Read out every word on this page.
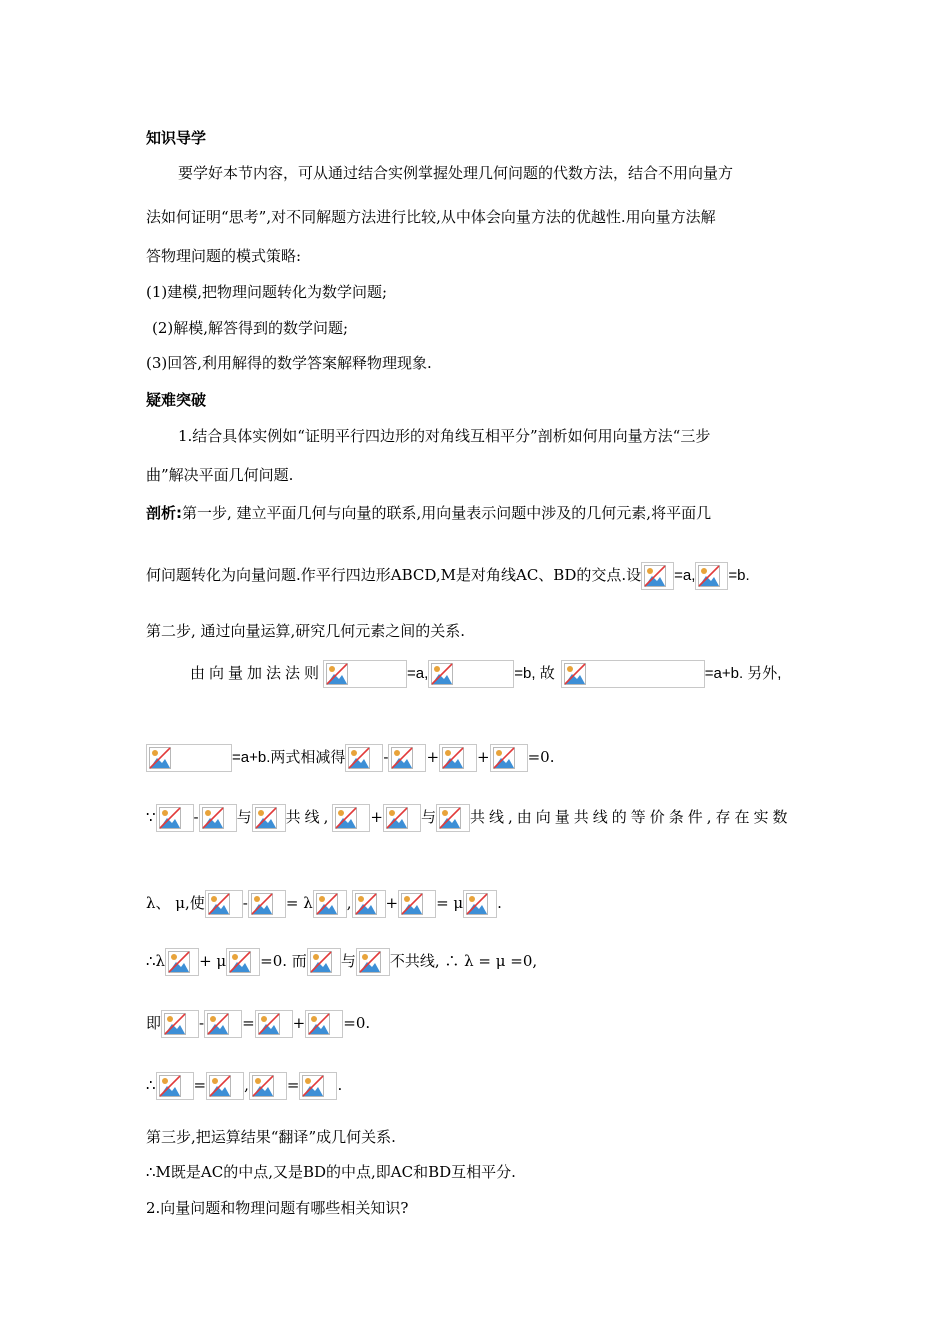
知识导学
要学好本节内容，可从通过结合实例掌握处理几何问题的代数方法，结合不用向量方
法如何证明“思考”,对不同解题方法进行比较,从中体会向量方法的优越性.用向量方法解
答物理问题的模式策略:
(1)建模,把物理问题转化为数学问题;
(2)解模,解答得到的数学问题;
(3)回答,利用解得的数学答案解释物理现象.
疑难突破
1.结合具体实例如“证明平行四边形的对角线互相平分”剖析如何用向量方法“三步
曲”解决平面几何问题.
剖析:第一步, 建立平面几何与向量的联系,用向量表示问题中涉及的几何元素,将平面几
何问题转化为向量问题.作平行四边形ABCD,M是对角线AC、BD的交点.设 =a, =b.
第二步, 通过向量运算,研究几何元素之间的关系.
由向量加法法则	=a,	=b, 故	=a+b. 另外,
=a+b.两式相减得	-	+	+	=0.
∵	-	与 共线,	+	与 共线,由向量共线的等价条件,存在实数
λ、 μ,使	-	= λ , +	= μ .
∴λ + μ =0. 而 与 不共线, ∴ λ = μ =0,
即	-	=	+	=0.
∴	=	,	=	.
第三步,把运算结果“翻译”成几何关系.
∴M既是AC的中点,又是BD的中点,即AC和BD互相平分.
2.向量问题和物理问题有哪些相关知识?
